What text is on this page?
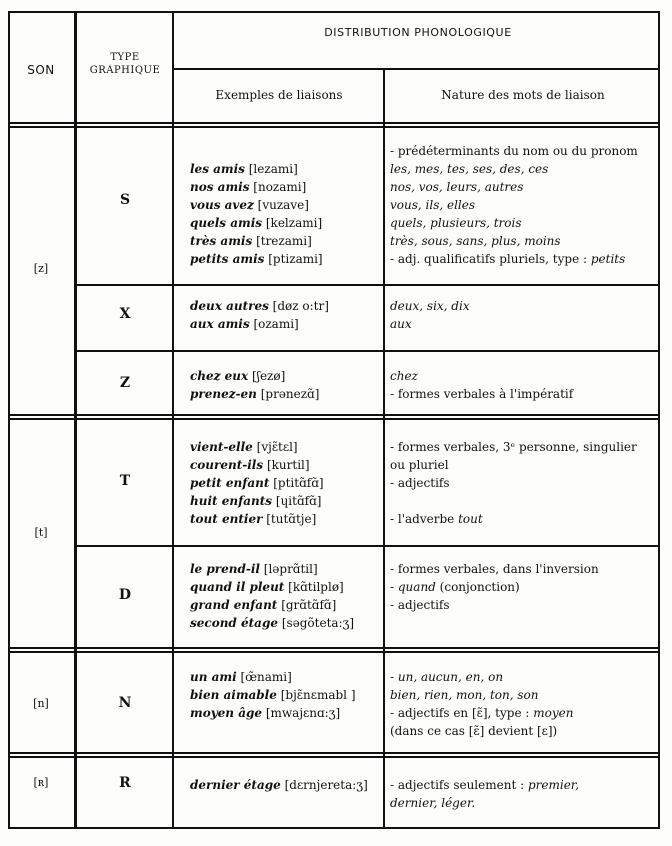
SON
TYPE
GRAPHIQUE
DISTRIBUTION PHONOLOGIQUE
Exemples de liaisons	Nature des mots de liaison
[z]
[t]
[n]
[ʀ]
S
X
Z
T
D
N
R
les amis [lezami]
nos amis [nozami]
vous avez [vuzave]
quels amis [kelzami]
très amis [trezami]
petits amis [ptizami]
- prédéterminants du nom ou du pronom
les, mes, tes, ses, des, ces
nos, vos, leurs, autres
vous, ils, elles
quels, plusieurs, trois
très, sous, sans, plus, moins
- adj. qualificatifs pluriels, type : petits
deux autres [døz o:tr]
aux amis [ozami]
deux, six, dix
aux
chez eux [ʃezø]
prenez-en [prənezɑ̃]
chez
- formes verbales à l'impératif
vient-elle [vjɛ̃tɛl]
courent-ils [kurtil]
petit enfant [ptitɑ̃fɑ̃]
huit enfants [ɥitɑ̃fɑ̃]
tout entier [tutɑ̃tje]
- formes verbales, 3ᵉ personne, singulier
ou pluriel
- adjectifs
- l'adverbe tout
le prend-il [ləprɑ̃til]
quand il pleut [kɑ̃tilplø]
grand enfant [grɑ̃tɑ̃fɑ̃]
second étage [səgõteta:ʒ]
- formes verbales, dans l'inversion
- quand (conjonction)
- adjectifs
un ami [œ̃nami]
bien aimable [bjɛ̃nɛmabl ]
moyen âge [mwajɛnɑ:ʒ]
- un, aucun, en, on
bien, rien, mon, ton, son
- adjectifs en [ɛ̃], type : moyen
(dans ce cas [ɛ̃] devient [ɛ])
dernier étage [dɛrnjereta:ʒ]	- adjectifs seulement : premier,
dernier, léger.
